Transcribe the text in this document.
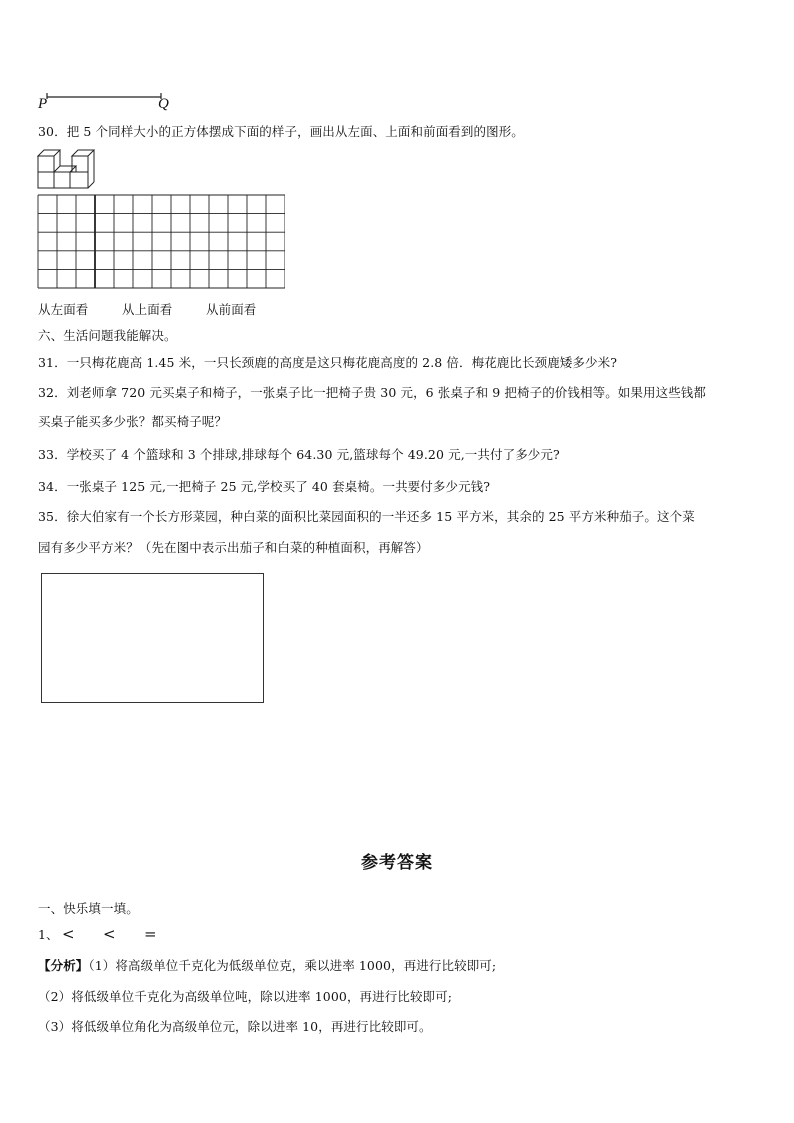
P	Q
30．把 5 个同样大小的正方体摆成下面的样子，画出从左面、上面和前面看到的图形。
从左面看	从上面看	从前面看
六、生活问题我能解决。
31．一只梅花鹿高 1.45 米，一只长颈鹿的高度是这只梅花鹿高度的 2.8 倍．梅花鹿比长颈鹿矮多少米?
32．刘老师拿 720 元买桌子和椅子，一张桌子比一把椅子贵 30 元，6 张桌子和 9 把椅子的价钱相等。如果用这些钱都
买桌子能买多少张？都买椅子呢？
33．学校买了 4 个篮球和 3 个排球,排球每个 64.30 元,篮球每个 49.20 元,一共付了多少元?
34．一张桌子 125 元,一把椅子 25 元,学校买了 40 套桌椅。一共要付多少元钱?
35．徐大伯家有一个长方形菜园，种白菜的面积比菜园面积的一半还多 15 平方米，其余的 25 平方米种茄子。这个菜
园有多少平方米？（先在图中表示出茄子和白菜的种植面积，再解答）
参考答案
一、快乐填一填。
1、 < < =
【分析】（1）将高级单位千克化为低级单位克，乘以进率 1000，再进行比较即可;
（2）将低级单位千克化为高级单位吨，除以进率 1000，再进行比较即可;
（3）将低级单位角化为高级单位元，除以进率 10，再进行比较即可。
